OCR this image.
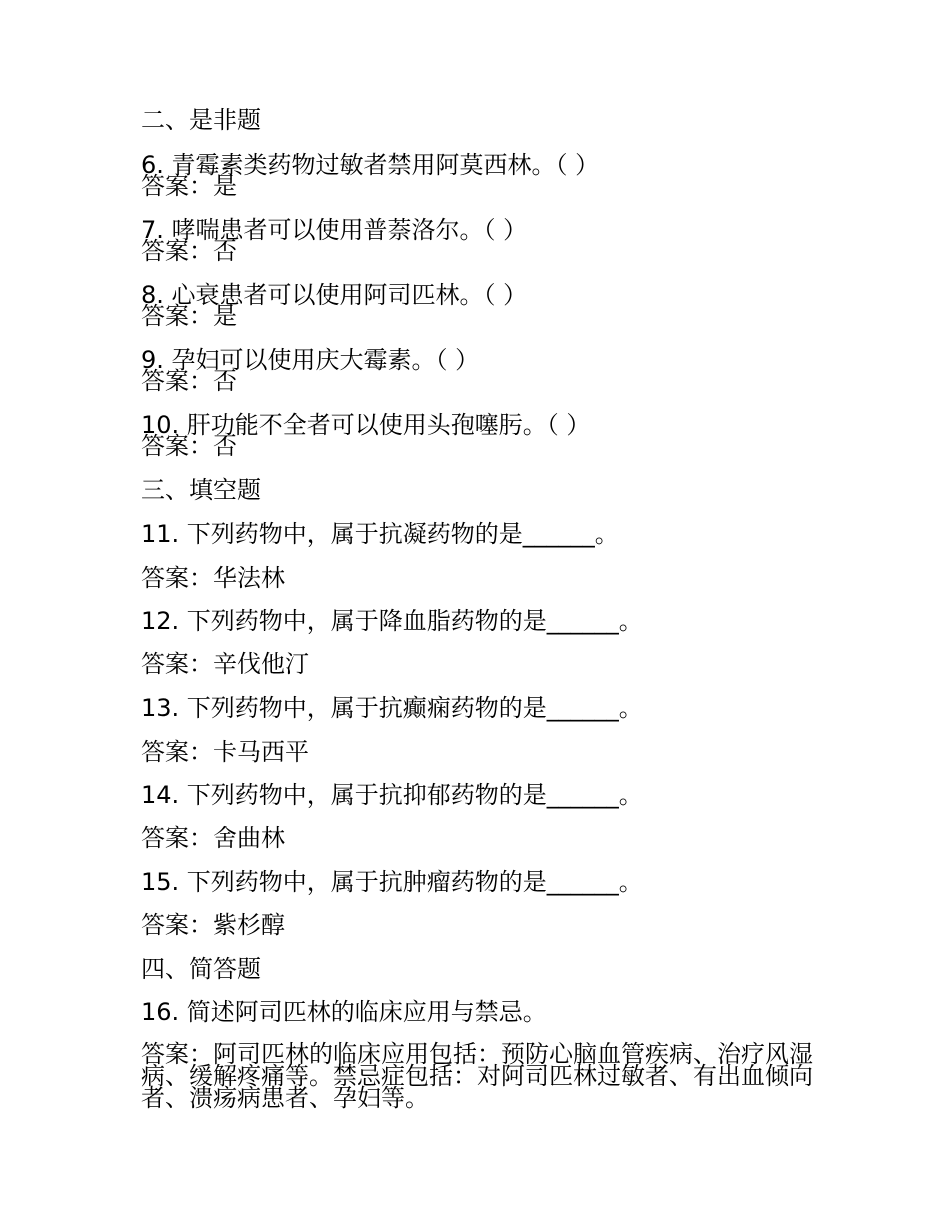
二、是非题
6. 青霉素类药物过敏者禁用阿莫西林。（ ）
答案：是
7. 哮喘患者可以使用普萘洛尔。（ ）
答案：否
8. 心衰患者可以使用阿司匹林。（ ）
答案：是
9. 孕妇可以使用庆大霉素。（ ）
答案：否
10. 肝功能不全者可以使用头孢噻肟。（ ）
答案：否
三、填空题
11. 下列药物中，属于抗凝药物的是______。
答案：华法林
12. 下列药物中，属于降血脂药物的是______。
答案：辛伐他汀
13. 下列药物中，属于抗癫痫药物的是______。
答案：卡马西平
14. 下列药物中，属于抗抑郁药物的是______。
答案：舍曲林
15. 下列药物中，属于抗肿瘤药物的是______。
答案：紫杉醇
四、简答题
16. 简述阿司匹林的临床应用与禁忌。
答案：阿司匹林的临床应用包括：预防心脑血管疾病、治疗风湿病、缓解疼痛等。禁忌症包括：对阿司匹林过敏者、有出血倾向者、溃疡病患者、孕妇等。
